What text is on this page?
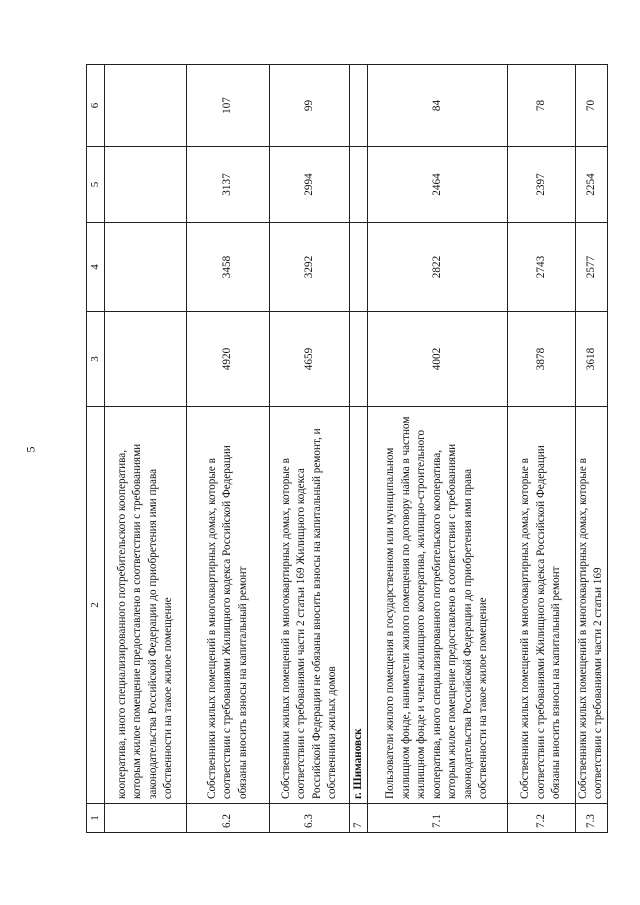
5
1	2	3	4	5	6
	кооператива, иного специализированного потребительского кооператива, которым жилое помещение предоставлено в соответствии с требованиями законодательства Российской Федерации до приобретения ими права собственности на такое жилое помещение				
6.2	Собственники жилых помещений в многоквартирных домах, которые в соответствии с требованиями Жилищного кодекса Российской Федерации обязаны вносить взносы на капитальный ремонт	4920	3458	3137	107
6.3	Собственники жилых помещений в многоквартирных домах, которые в соответствии с требованиями части 2 статьи 169 Жилищного кодекса Российской Федерации не обязаны вносить взносы на капитальный ремонт, и собственники жилых домов	4659	3292	2994	99
7	г. Шимановск				
7.1	Пользователи жилого помещения в государственном или муниципальном жилищном фонде, наниматели жилого помещения по договору найма в частном жилищном фонде и члены жилищного кооператива, жилищно-строительного кооператива, иного специализированного потребительского кооператива, которым жилое помещение предоставлено в соответствии с требованиями законодательства Российской Федерации до приобретения ими права собственности на такое жилое помещение	4002	2822	2464	84
7.2	Собственники жилых помещений в многоквартирных домах, которые в соответствии с требованиями Жилищного кодекса Российской Федерации обязаны вносить взносы на капитальный ремонт	3878	2743	2397	78
7.3	Собственники жилых помещений в многоквартирных домах, которые в соответствии с требованиями части 2 статьи 169	3618	2577	2254	70
